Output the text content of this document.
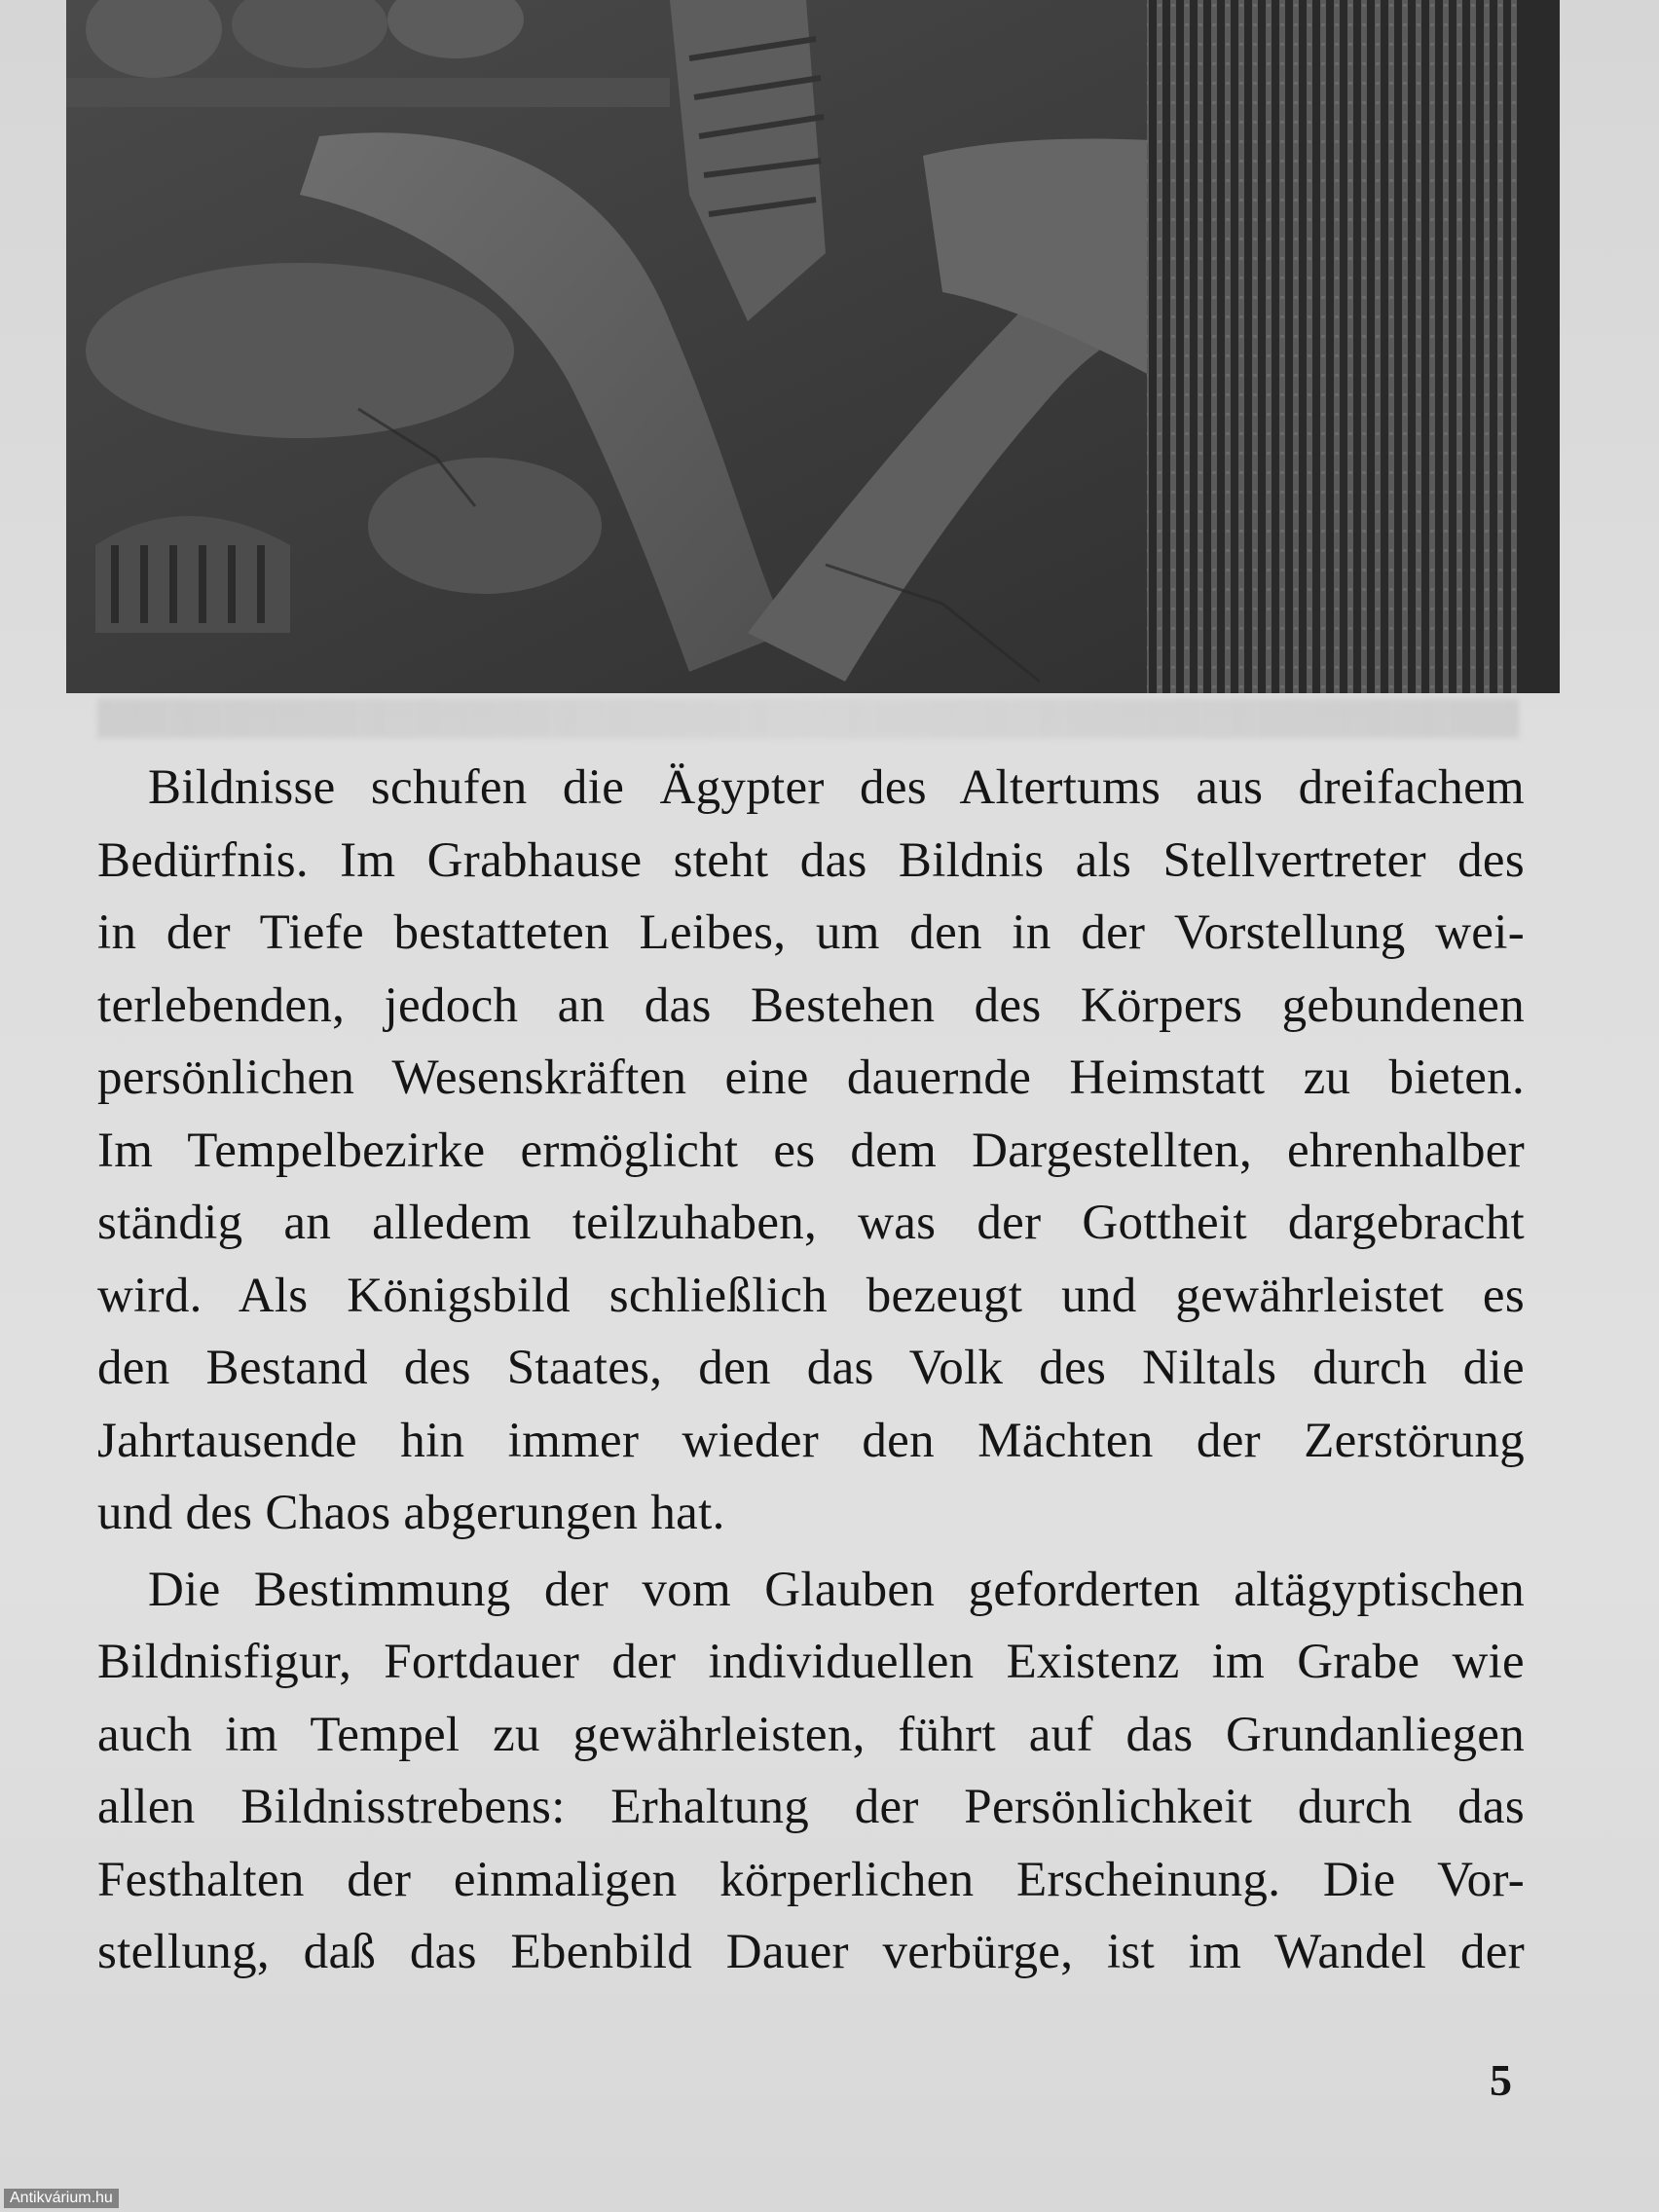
Bildnisse schufen die Ägypter des Altertums aus dreifachem
Bedürfnis. Im Grabhause steht das Bildnis als Stellvertreter des
in der Tiefe bestatteten Leibes, um den in der Vorstellung wei-
terlebenden, jedoch an das Bestehen des Körpers gebundenen
persönlichen Wesenskräften eine dauernde Heimstatt zu bieten.
Im Tempelbezirke ermöglicht es dem Dargestellten, ehrenhalber
ständig an alledem teilzuhaben, was der Gottheit dargebracht
wird. Als Königsbild schließlich bezeugt und gewährleistet es
den Bestand des Staates, den das Volk des Niltals durch die
Jahrtausende hin immer wieder den Mächten der Zerstörung
und des Chaos abgerungen hat.

Die Bestimmung der vom Glauben geforderten altägyptischen
Bildnisfigur, Fortdauer der individuellen Existenz im Grabe wie
auch im Tempel zu gewährleisten, führt auf das Grundanliegen
allen Bildnisstrebens: Erhaltung der Persönlichkeit durch das
Festhalten der einmaligen körperlichen Erscheinung. Die Vor-
stellung, daß das Ebenbild Dauer verbürge, ist im Wandel der

5
Antikvárium.hu
